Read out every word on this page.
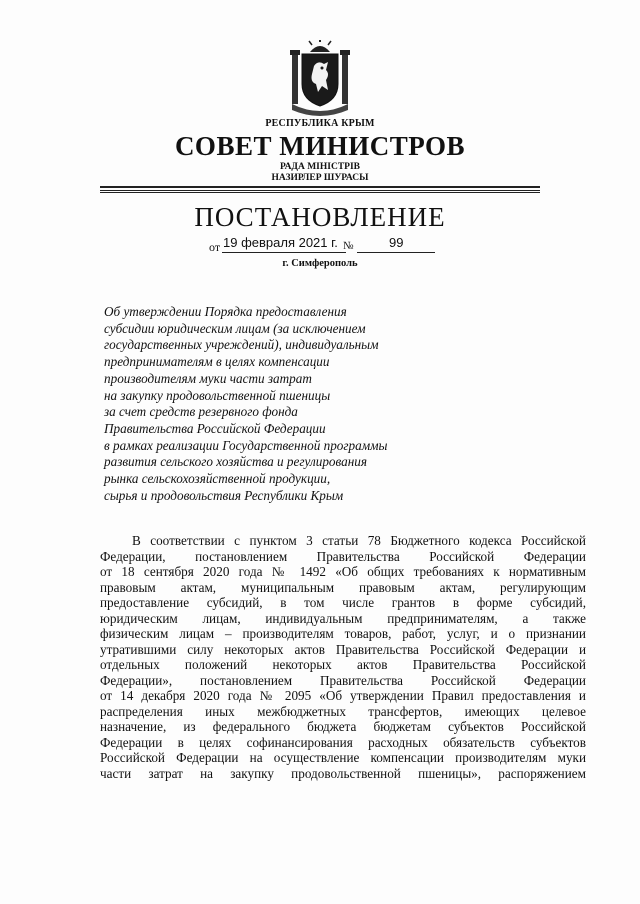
РЕСПУБЛИКА КРЫМ
СОВЕТ МИНИСТРОВ
РАДА МІНІСТРІВ
НАЗИРЛЕР ШУРАСЫ
ПОСТАНОВЛЕНИЕ
от 19 февраля 2021 г. №	99
г. Симферополь
Об утверждении Порядка предоставления
субсидии юридическим лицам (за исключением
государственных учреждений), индивидуальным
предпринимателям в целях компенсации
производителям муки части затрат
на закупку продовольственной пшеницы
за счет средств резервного фонда
Правительства Российской Федерации
в рамках реализации Государственной программы
развития сельского хозяйства и регулирования
рынка сельскохозяйственной продукции,
сырья и продовольствия Республики Крым
В соответствии с пунктом 3 статьи 78 Бюджетного кодекса Российской
Федерации, постановлением Правительства Российской Федерации
от 18 сентября 2020 года № 1492 «Об общих требованиях к нормативным
правовым актам, муниципальным правовым актам, регулирующим
предоставление субсидий, в том числе грантов в форме субсидий,
юридическим лицам, индивидуальным предпринимателям, а также
физическим лицам – производителям товаров, работ, услуг, и о признании
утратившими силу некоторых актов Правительства Российской Федерации и
отдельных положений некоторых актов Правительства Российской
Федерации», постановлением Правительства Российской Федерации
от 14 декабря 2020 года № 2095 «Об утверждении Правил предоставления и
распределения иных межбюджетных трансфертов, имеющих целевое
назначение, из федерального бюджета бюджетам субъектов Российской
Федерации в целях софинансирования расходных обязательств субъектов
Российской Федерации на осуществление компенсации производителям муки
части затрат на закупку продовольственной пшеницы», распоряжением
